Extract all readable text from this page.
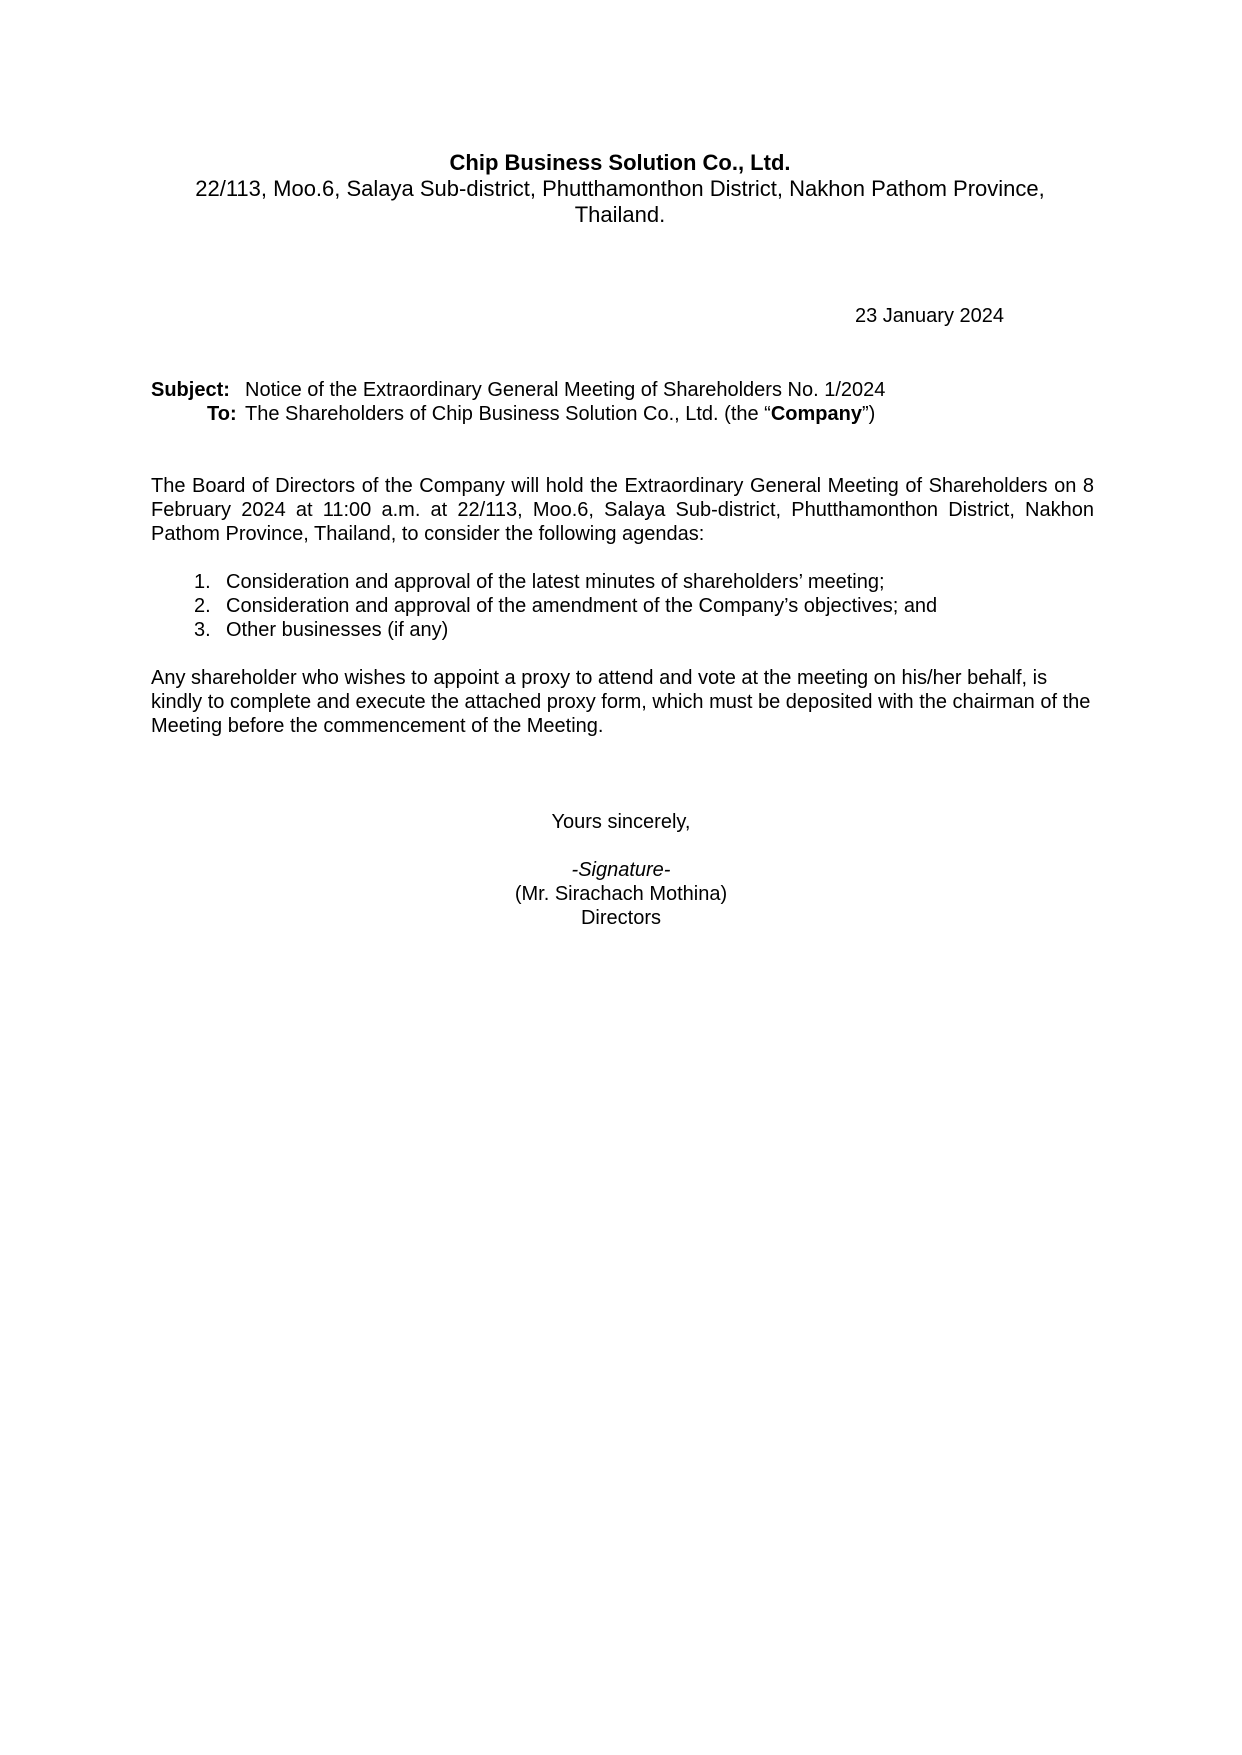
Chip Business Solution Co., Ltd.
22/113, Moo.6, Salaya Sub-district, Phutthamonthon District, Nakhon Pathom Province,
Thailand.
23 January 2024
Subject: Notice of the Extraordinary General Meeting of Shareholders No. 1/2024
To: The Shareholders of Chip Business Solution Co., Ltd. (the “Company”)
The Board of Directors of the Company will hold the Extraordinary General Meeting of Shareholders on 8 February 2024 at 11:00 a.m. at 22/113, Moo.6, Salaya Sub-district, Phutthamonthon District, Nakhon Pathom Province, Thailand, to consider the following agendas:
1. Consideration and approval of the latest minutes of shareholders’ meeting;
2. Consideration and approval of the amendment of the Company’s objectives; and
3. Other businesses (if any)
Any shareholder who wishes to appoint a proxy to attend and vote at the meeting on his/her behalf, is kindly to complete and execute the attached proxy form, which must be deposited with the chairman of the Meeting before the commencement of the Meeting.
Yours sincerely,
-Signature-
(Mr. Sirachach Mothina)
Directors
